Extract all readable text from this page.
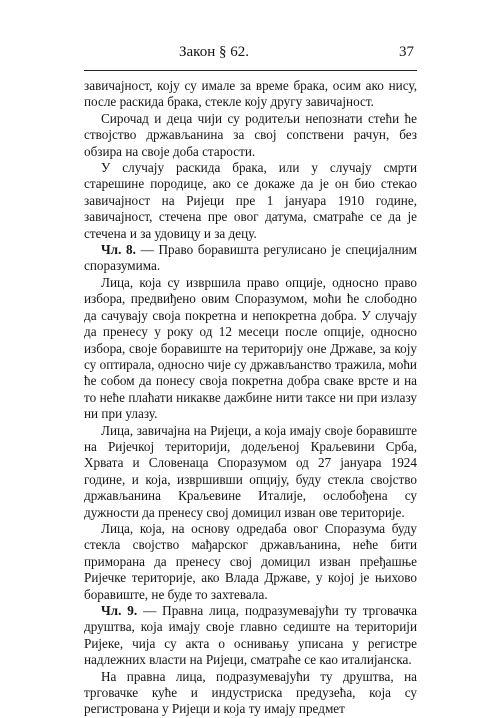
Закон § 62.	37

завичајност, коју су имале за време брака, осим ако нису, после раскида брака, стекле коју другу завичајност.

Сирочад и деца чији су родитељи непознати стећи ће ствојство држављанина за свој сопствени рачун, без обзира на своје доба старости.

У случају раскида брака, или у случају смрти старешине породице, ако се докаже да је он био стекао завичајност на Ријеци пре 1 јануара 1910 године, завичајност, стечена пре овог датума, сматраће се да је стечена и за удовицу и за децу.

Чл. 8. — Право боравишта регулисано је специјалним споразумима.

Лица, која су извршила право опције, односно право избора, предвиђено овим Споразумом, моћи ће слободно да сачувају своја покретна и непокретна добра. У случају да пренесу у року од 12 месеци после опције, односно избора, своје боравиште на територију оне Државе, за коју су оптирала, односно чије су држављанство тражила, моћи ће собом да понесу своја покретна добра сваке врсте и на то неће плаћати никакве дажбине нити таксе ни при излазу ни при улазу.

Лица, завичајна на Ријеци, а која имају своје боравиште на Ријечкој територији, додељеној Краљевини Срба, Хрвата и Словенаца Споразумом од 27 јануара 1924 године, и која, извршивши опцију, буду стекла својство држављанина Краљевине Италије, ослобођена су дужности да пренесу свој домицил изван ове територије.

Лица, која, на основу одредаба овог Споразума буду стекла својство мађарског држављанина, неће бити приморана да пренесу свој домицил изван пређашње Ријечке територије, ако Влада Државе, у којој је њихово боравиште, не буде то захтевала.

Чл. 9. — Правна лица, подразумевајући ту трговачка друштва, која имају своје главно седиште на територији Ријеке, чија су акта о оснивању уписана у регистре надлежних власти на Ријеци, сматраће се као италијанска.

На правна лица, подразумевајући ту друштва, на трговачке куће и индустриска предузећа, која су регистрована у Ријеци и која ту имају предмет
